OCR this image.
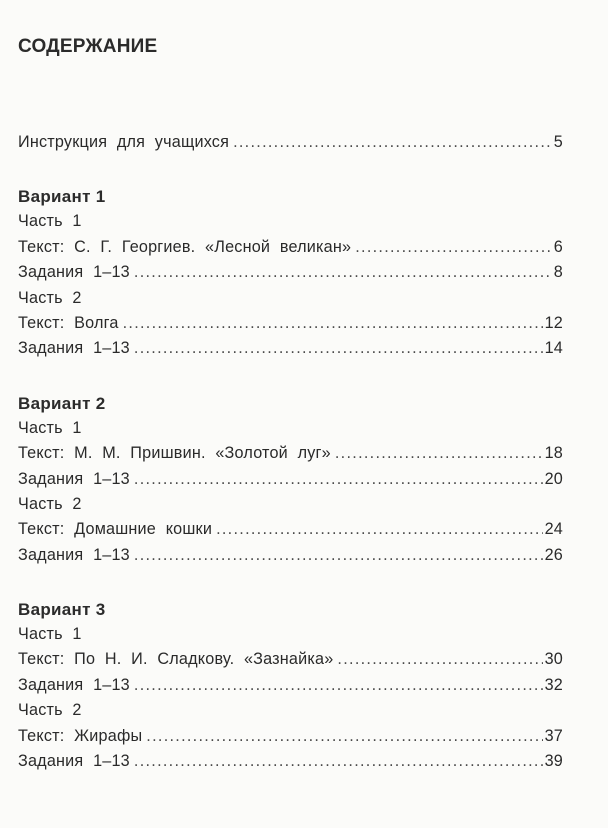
СОДЕРЖАНИЕ
Инструкция для учащихся .....	5
Вариант 1
Часть 1
Текст: С. Г. Георгиев. «Лесной великан» .....	6
Задания 1–13 .....	8
Часть 2
Текст: Волга .....	12
Задания 1–13 .....	14
Вариант 2
Часть 1
Текст: М. М. Пришвин. «Золотой луг» .....	18
Задания 1–13 .....	20
Часть 2
Текст: Домашние кошки .....	24
Задания 1–13 .....	26
Вариант 3
Часть 1
Текст: По Н. И. Сладкову. «Зазнайка» .....	30
Задания 1–13 .....	32
Часть 2
Текст: Жирафы .....	37
Задания 1–13 .....	39
